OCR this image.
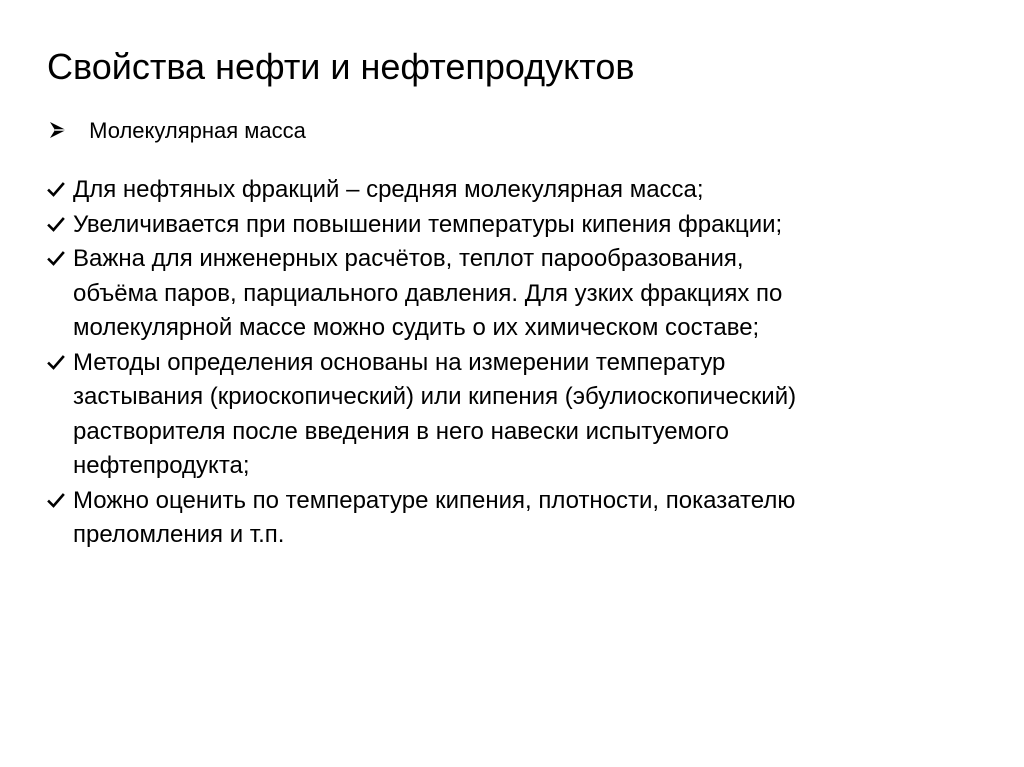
Свойства нефти и нефтепродуктов
Молекулярная масса
Для нефтяных фракций – средняя молекулярная масса;
Увеличивается при повышении температуры кипения фракции;
Важна для инженерных расчётов, теплот парообразования,
объёма паров, парциального давления. Для узких фракциях по
молекулярной массе можно судить о их химическом составе;
Методы определения основаны на измерении температур
застывания (криоскопический) или кипения (эбулиоскопический)
растворителя после введения в него навески испытуемого
нефтепродукта;
Можно оценить по температуре кипения, плотности, показателю
преломления и т.п.
